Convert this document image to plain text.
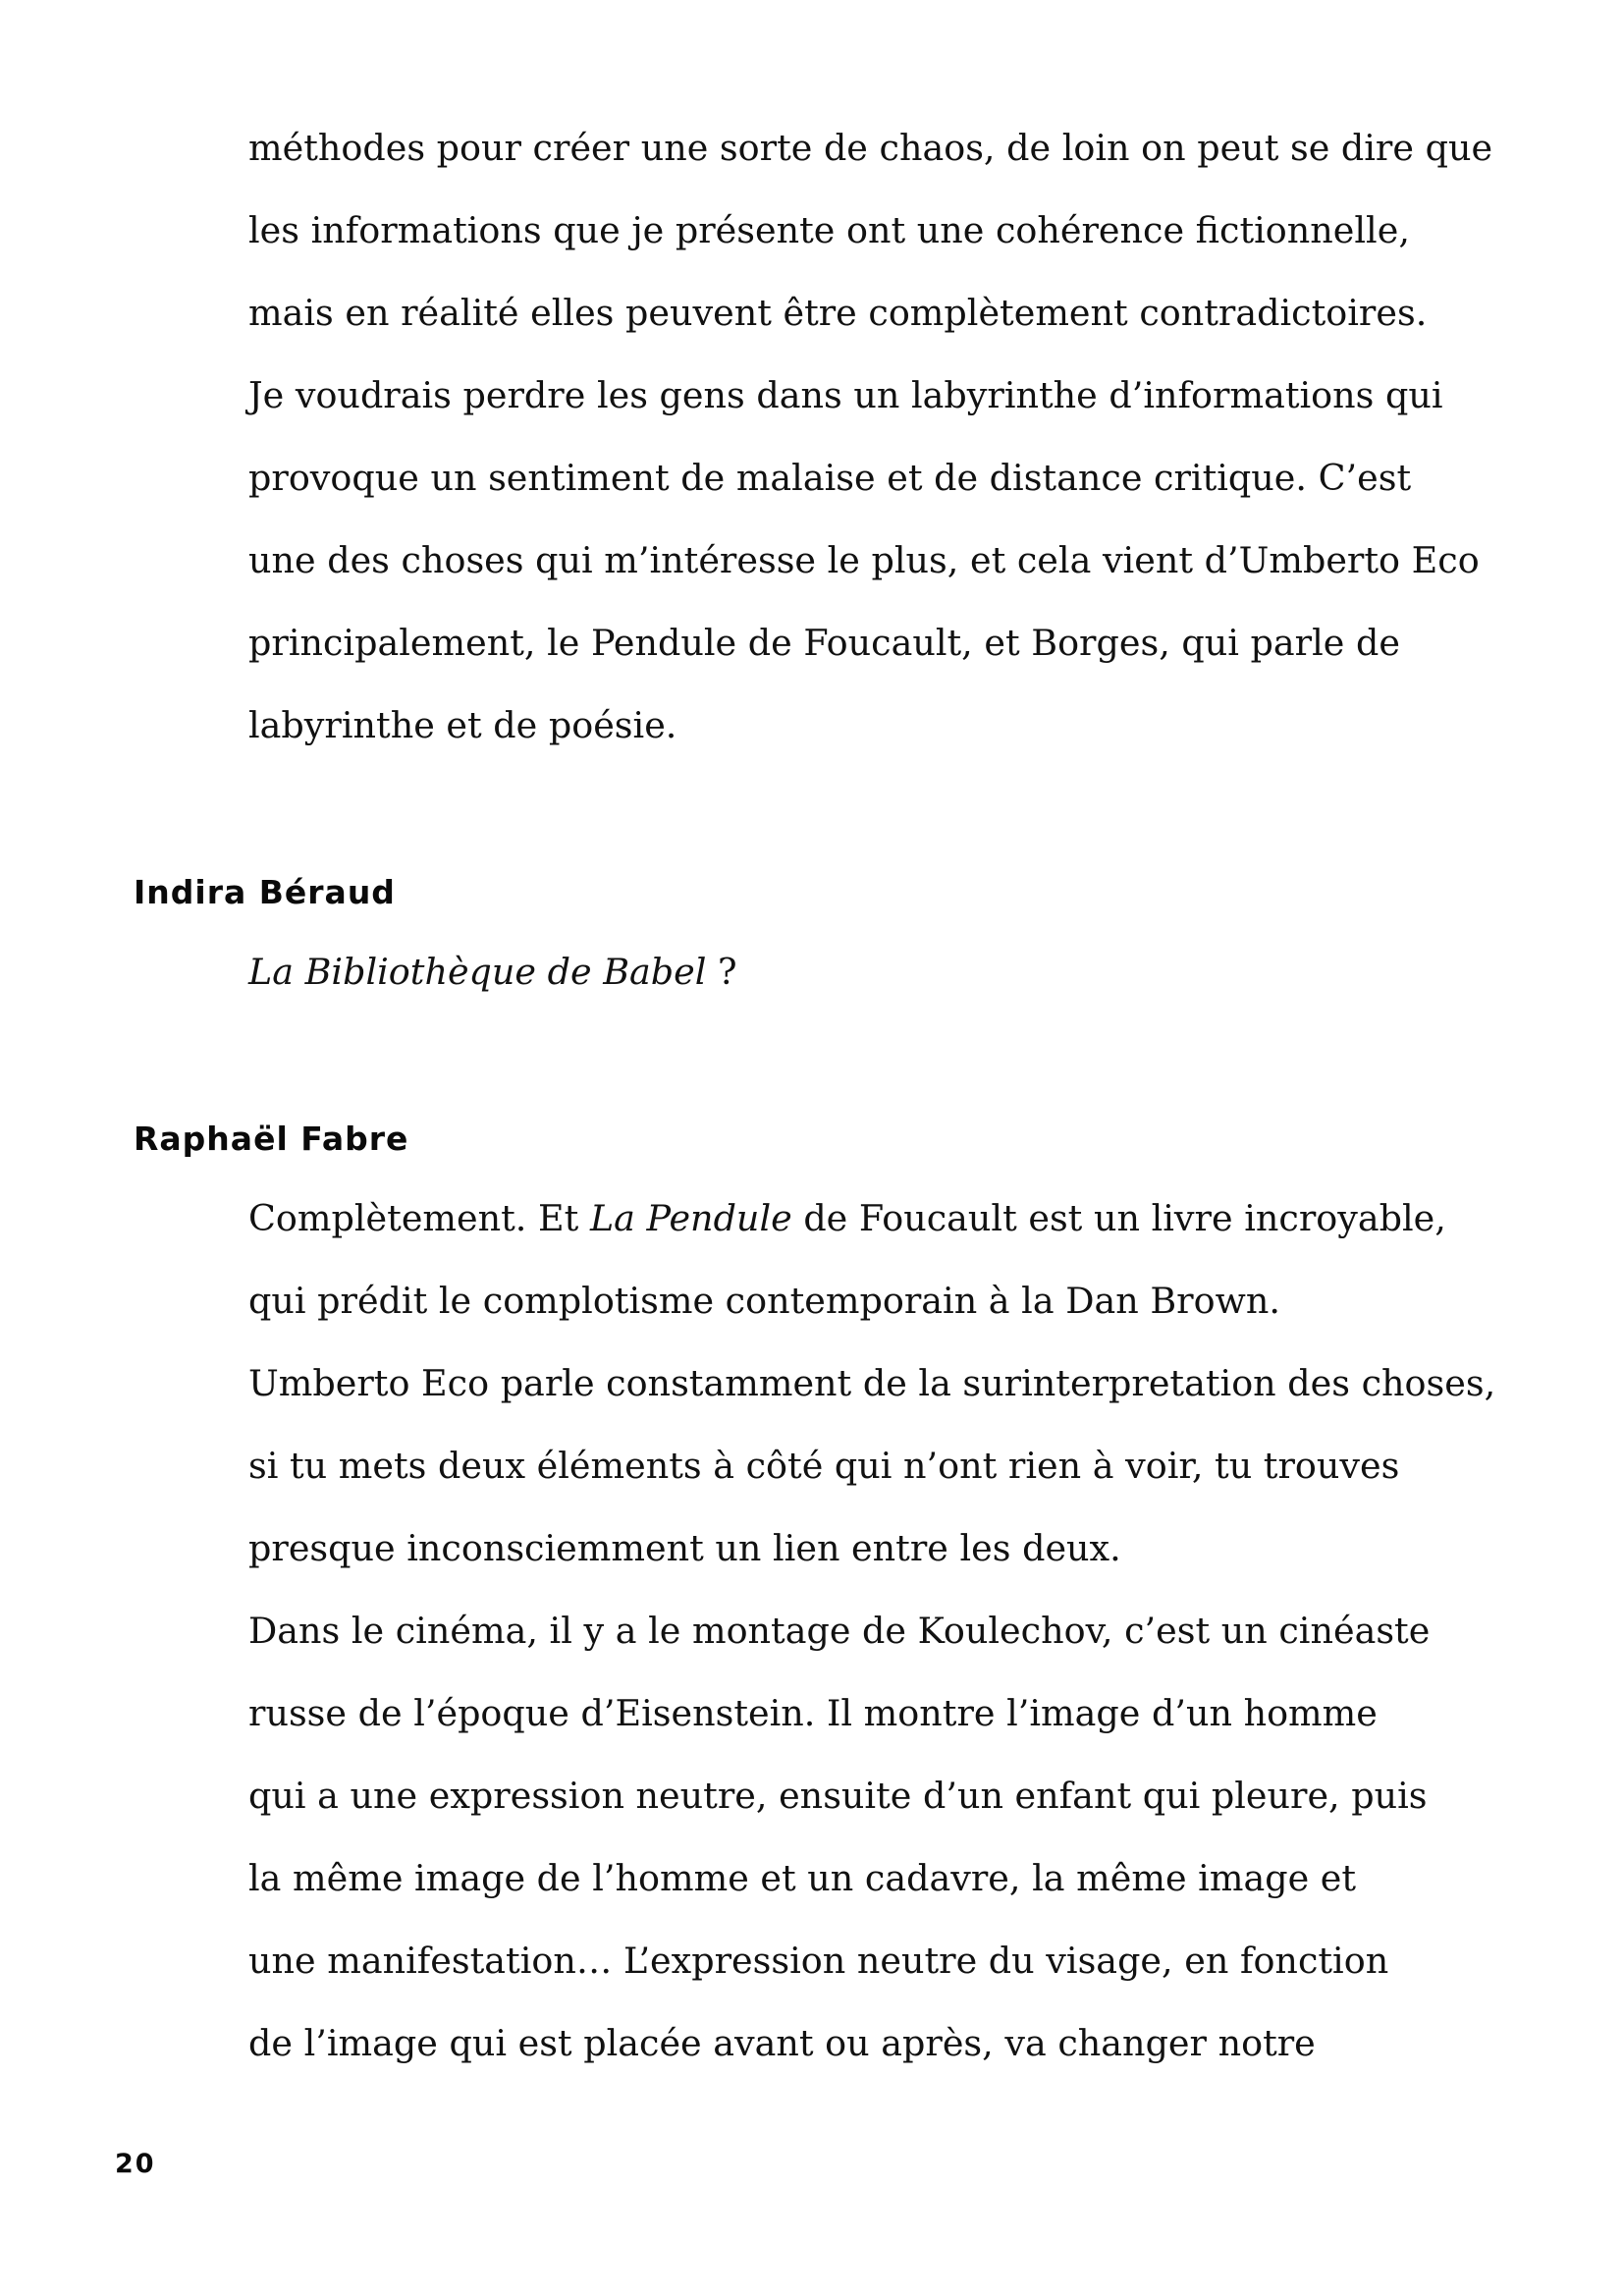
méthodes pour créer une sorte de chaos, de loin on peut se dire que
les informations que je présente ont une cohérence fictionnelle,
mais en réalité elles peuvent être complètement contradictoires.
Je voudrais perdre les gens dans un labyrinthe d’informations qui
provoque un sentiment de malaise et de distance critique. C’est
une des choses qui m’intéresse le plus, et cela vient d’Umberto Eco
principalement, le Pendule de Foucault, et Borges, qui parle de
labyrinthe et de poésie.
Indira Béraud
La Bibliothèque de Babel ?
Raphaël Fabre
Complètement. Et La Pendule de Foucault est un livre incroyable,
qui prédit le complotisme contemporain à la Dan Brown.
Umberto Eco parle constamment de la surinterpretation des choses,
si tu mets deux éléments à côté qui n’ont rien à voir, tu trouves
presque inconsciemment un lien entre les deux.
Dans le cinéma, il y a le montage de Koulechov, c’est un cinéaste
russe de l’époque d’Eisenstein. Il montre l’image d’un homme
qui a une expression neutre, ensuite d’un enfant qui pleure, puis
la même image de l’homme et un cadavre, la même image et
une manifestation… L’expression neutre du visage, en fonction
de l’image qui est placée avant ou après, va changer notre
20
